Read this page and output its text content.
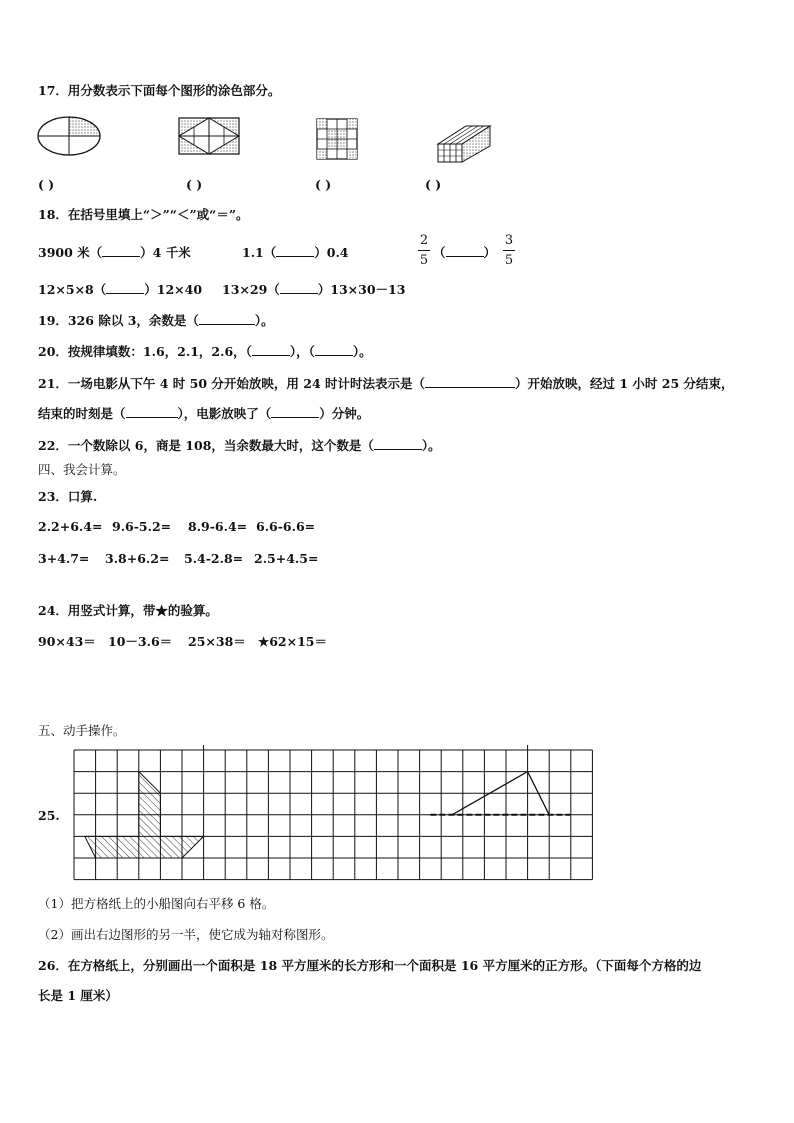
17．用分数表示下面每个图形的涂色部分。
( )	( )	( )	( )
18．在括号里填上“＞”“＜”或“＝”。
3900 米（	）4 千米	1.1（	）0.4
2
5
（	）
3
5
12×5×8（	）12×40 13×29（	）13×30－13
19．326 除以 3，余数是（	）。
20．按规律填数：1.6，2.1，2.6，（	），（	）。
21．一场电影从下午 4 时 50 分开始放映，用 24 时计时法表示是（	）开始放映，经过 1 小时 25 分结束，
结束的时刻是（	），电影放映了（	）分钟。
22．一个数除以 6，商是 108，当余数最大时，这个数是（	）。
四、我会计算。
23．口算.
2.2+6.4= 9.6-5.2= 8.9-6.4= 6.6-6.6=
3+4.7= 3.8+6.2= 5.4-2.8= 2.5+4.5=
24．用竖式计算，带★的验算。
90×43＝ 10－3.6＝ 25×38＝ ★62×15＝
五、动手操作。
25.
（1）把方格纸上的小船图向右平移 6 格。
（2）画出右边图形的另一半，使它成为轴对称图形。
26．在方格纸上，分别画出一个面积是 18 平方厘米的长方形和一个面积是 16 平方厘米的正方形。（下面每个方格的边
长是 1 厘米）
